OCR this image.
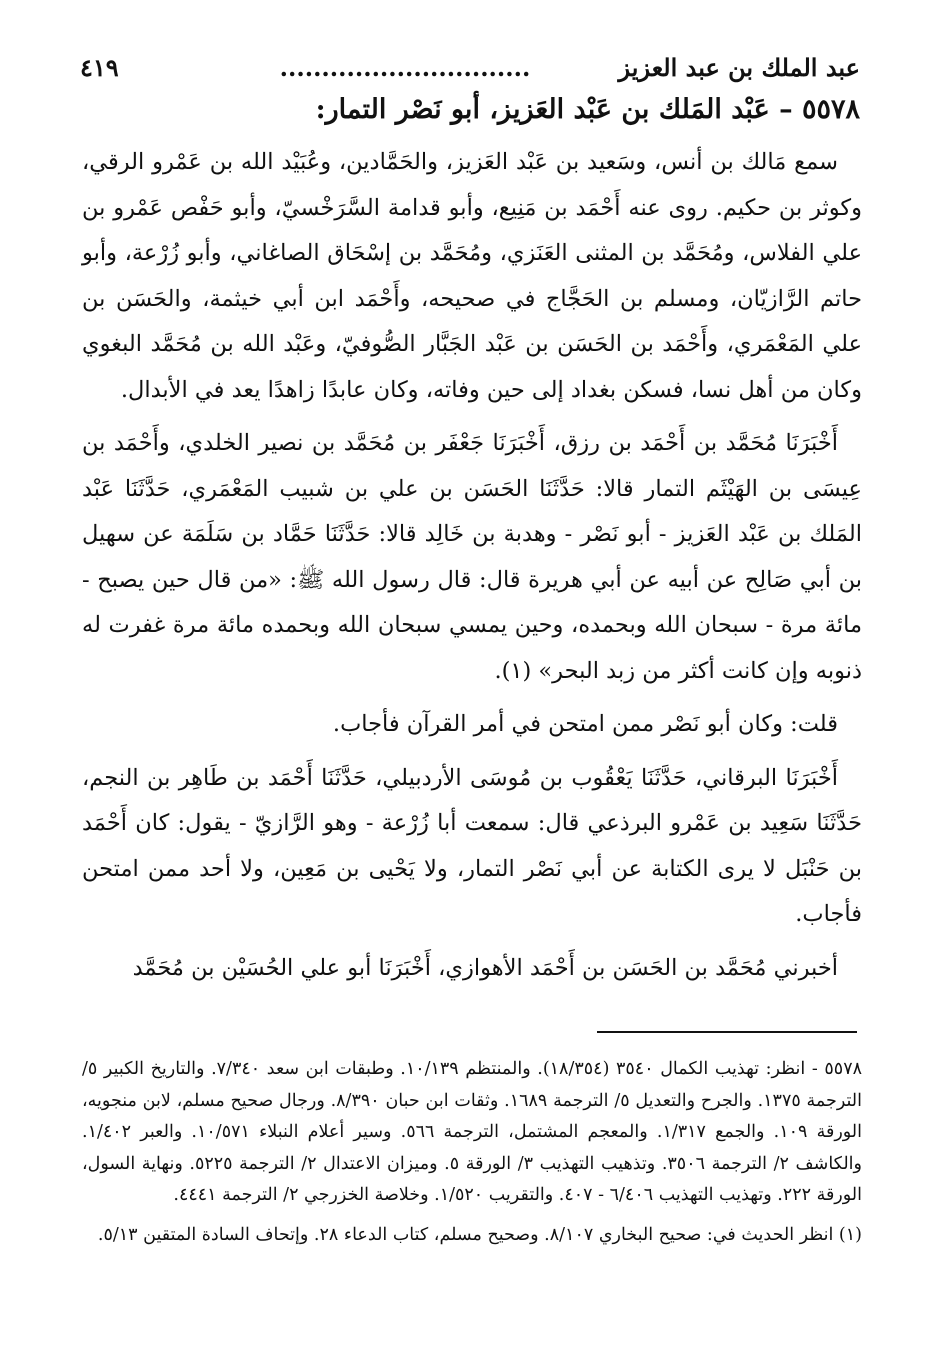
عبد الملك بن عبد العزيز
..............................
٤١٩
٥٥٧٨ – عَبْد المَلك بن عَبْد العَزيز، أبو نَصْر التمار:

سمع مَالك بن أنس، وسَعيد بن عَبْد العَزيز، والحَمَّادين، وعُبَيْد الله بن عَمْرو الرقي، وكوثر بن حكيم. روى عنه أَحْمَد بن مَنِيع، وأبو قدامة السَّرَخْسيّ، وأبو حَفْص عَمْرو بن علي الفلاس، ومُحَمَّد بن المثنى العَنَزي، ومُحَمَّد بن إسْحَاق الصاغاني، وأبو زُرْعة، وأبو حاتم الرَّازيّان، ومسلم بن الحَجَّاج في صحيحه، وأَحْمَد ابن أبي خيثمة، والحَسَن بن علي المَعْمَري، وأَحْمَد بن الحَسَن بن عَبْد الجَبَّار الصُّوفيّ، وعَبْد الله بن مُحَمَّد البغوي وكان من أهل نسا، فسكن بغداد إلى حين وفاته، وكان عابدًا زاهدًا يعد في الأبدال.

أَخْبَرَنَا مُحَمَّد بن أَحْمَد بن رزق، أَخْبَرَنَا جَعْفَر بن مُحَمَّد بن نصير الخلدي، وأَحْمَد بن عِيسَى بن الهَيْثَم التمار قالا: حَدَّثَنَا الحَسَن بن علي بن شبيب المَعْمَري، حَدَّثَنَا عَبْد المَلك بن عَبْد العَزيز - أبو نَصْر - وهدبة بن خَالِد قالا: حَدَّثَنَا حَمَّاد بن سَلَمَة عن سهيل بن أبي صَالِح عن أبيه عن أبي هريرة قال: قال رسول الله ﷺ: «من قال حين يصبح - مائة مرة - سبحان الله وبحمده، وحين يمسي سبحان الله وبحمده مائة مرة غفرت له ذنوبه وإن كانت أكثر من زبد البحر» (١).

قلت: وكان أبو نَصْر ممن امتحن في أمر القرآن فأجاب.

أَخْبَرَنَا البرقاني، حَدَّثَنَا يَعْقُوب بن مُوسَى الأردبيلي، حَدَّثَنَا أَحْمَد بن طَاهِر بن النجم، حَدَّثَنَا سَعِيد بن عَمْرو البرذعي قال: سمعت أبا زُرْعة - وهو الرَّازيّ - يقول: كان أَحْمَد بن حَنْبَل لا يرى الكتابة عن أبي نَصْر التمار، ولا يَحْيى بن مَعِين، ولا أحد ممن امتحن فأجاب.

أخبرني مُحَمَّد بن الحَسَن بن أَحْمَد الأهوازي، أَخْبَرَنَا أبو علي الحُسَيْن بن مُحَمَّد

٥٥٧٨ - انظر: تهذيب الكمال ٣٥٤٠ (١٨/٣٥٤). والمنتظم ١٠/١٣٩. وطبقات ابن سعد ٧/٣٤٠. والتاريخ الكبير ٥/ الترجمة ١٣٧٥. والجرح والتعديل ٥/ الترجمة ١٦٨٩. وثقات ابن حبان ٨/٣٩٠. ورجال صحيح مسلم، لابن منجويه، الورقة ١٠٩. والجمع ١/٣١٧. والمعجم المشتمل، الترجمة ٥٦٦. وسير أعلام النبلاء ١٠/٥٧١. والعبر ١/٤٠٢. والكاشف ٢/ الترجمة ٣٥٠٦. وتذهيب التهذيب ٣/ الورقة ٥. وميزان الاعتدال ٢/ الترجمة ٥٢٢٥. ونهاية السول، الورقة ٢٢٢. وتهذيب التهذيب ٦/٤٠٦ - ٤٠٧. والتقريب ١/٥٢٠. وخلاصة الخزرجي ٢/ الترجمة ٤٤٤١.

(١) انظر الحديث في: صحيح البخاري ٨/١٠٧. وصحيح مسلم، كتاب الدعاء ٢٨. وإتحاف السادة المتقين ٥/١٣.
